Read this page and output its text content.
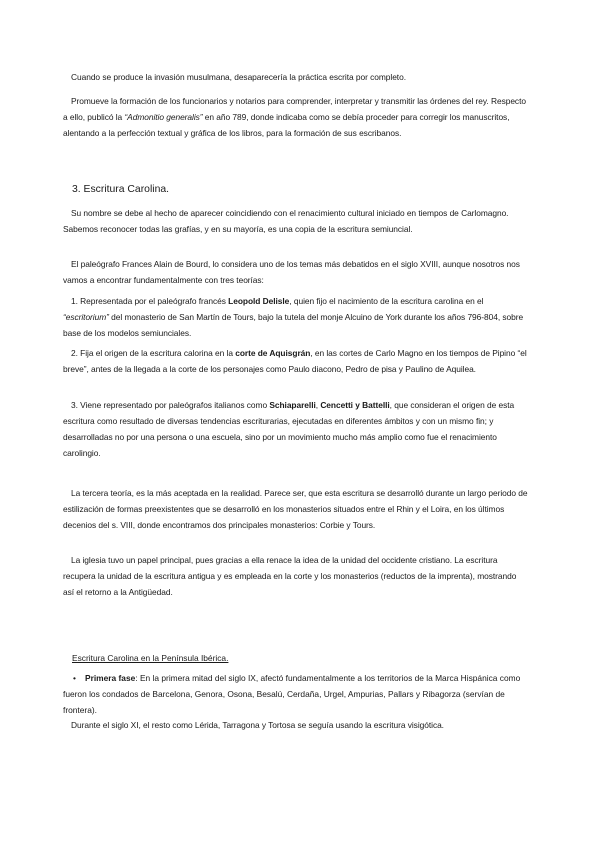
Cuando se produce la invasión musulmana, desaparecería la práctica escrita por completo.

Promueve la formación de los funcionarios y notarios para comprender, interpretar y transmitir las órdenes del rey. Respecto a ello, publicó la “Admonitio generalis” en año 789, donde indicaba como se debía proceder para corregir los manuscritos, alentando a la perfección textual y gráfica de los libros, para la formación de sus escribanos.

3. Escritura Carolina.

Su nombre se debe al hecho de aparecer coincidiendo con el renacimiento cultural iniciado en tiempos de Carlomagno. Sabemos reconocer todas las grafías, y en su mayoría, es una copia de la escritura semiuncial.

El paleógrafo Frances Alain de Bourd, lo considera uno de los temas más debatidos en el siglo XVIII, aunque nosotros nos vamos a encontrar fundamentalmente con tres teorías:

1. Representada por el paleógrafo francés Leopold Delisle, quien fijo el nacimiento de la escritura carolina en el “escritorium” del monasterio de San Martín de Tours, bajo la tutela del monje Alcuino de York durante los años 796-804, sobre base de los modelos semiunciales.

2. Fija el origen de la escritura calorina en la corte de Aquisgrán, en las cortes de Carlo Magno en los tiempos de Pipino “el breve”, antes de la llegada a la corte de los personajes como Paulo diacono, Pedro de pisa y Paulino de Aquilea.

3. Viene representado por paleógrafos italianos como Schiaparelli, Cencetti y Battelli, que consideran el origen de esta escritura como resultado de diversas tendencias escriturarias, ejecutadas en diferentes ámbitos y con un mismo fin; y desarrolladas no por una persona o una escuela, sino por un movimiento mucho más amplio como fue el renacimiento carolingio.

La tercera teoría, es la más aceptada en la realidad. Parece ser, que esta escritura se desarrolló durante un largo periodo de estilización de formas preexistentes que se desarrolló en los monasterios situados entre el Rhin y el Loira, en los últimos decenios del s. VIII, donde encontramos dos principales monasterios: Corbie y Tours.

La iglesia tuvo un papel principal, pues gracias a ella renace la idea de la unidad del occidente cristiano. La escritura recupera la unidad de la escritura antigua y es empleada en la corte y los monasterios (reductos de la imprenta), mostrando así el retorno a la Antigüedad.

Escritura Carolina en la Península Ibérica.

•	Primera fase: En la primera mitad del siglo IX, afectó fundamentalmente a los territorios de la Marca Hispánica como fueron los condados de Barcelona, Genora, Osona, Besalú, Cerdaña, Urgel, Ampurias, Pallars y Ribagorza (servían de frontera).

Durante el siglo XI, el resto como Lérida, Tarragona y Tortosa se seguía usando la escritura visigótica.
